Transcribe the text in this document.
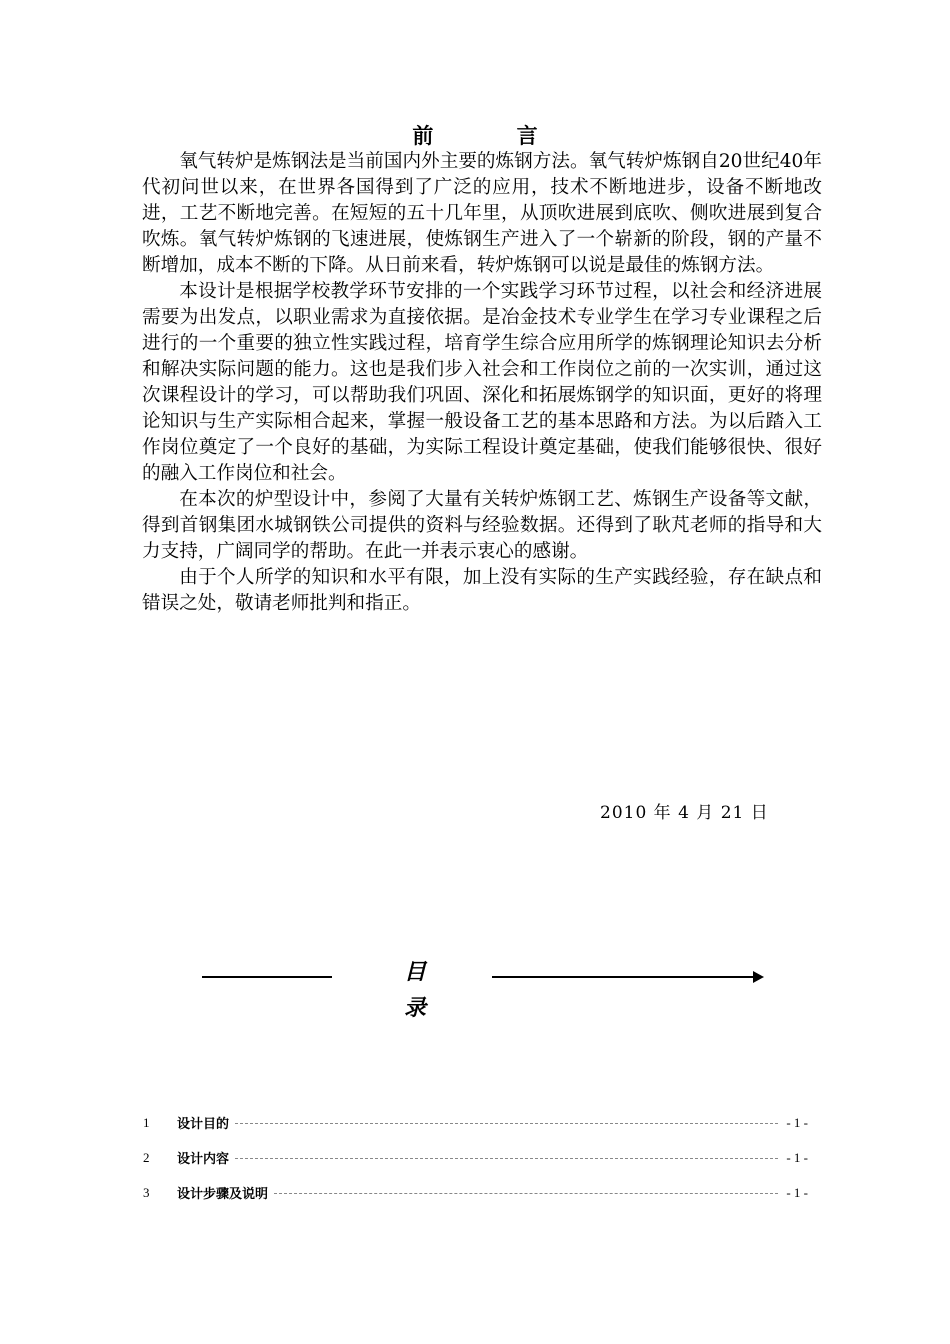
前 言

氧气转炉是炼钢法是当前国内外主要的炼钢方法。氧气转炉炼钢自20世纪40年代初问世以来，在世界各国得到了广泛的应用，技术不断地进步，设备不断地改进，工艺不断地完善。在短短的五十几年里，从顶吹进展到底吹、侧吹进展到复合吹炼。氧气转炉炼钢的飞速进展，使炼钢生产进入了一个崭新的阶段，钢的产量不断增加，成本不断的下降。从日前来看，转炉炼钢可以说是最佳的炼钢方法。

本设计是根据学校教学环节安排的一个实践学习环节过程，以社会和经济进展需要为出发点，以职业需求为直接依据。是冶金技术专业学生在学习专业课程之后进行的一个重要的独立性实践过程，培育学生综合应用所学的炼钢理论知识去分析和解决实际问题的能力。这也是我们步入社会和工作岗位之前的一次实训，通过这次课程设计的学习，可以帮助我们巩固、深化和拓展炼钢学的知识面，更好的将理论知识与生产实际相合起来，掌握一般设备工艺的基本思路和方法。为以后踏入工作岗位奠定了一个良好的基础，为实际工程设计奠定基础，使我们能够很快、很好的融入工作岗位和社会。

在本次的炉型设计中，参阅了大量有关转炉炼钢工艺、炼钢生产设备等文献，得到首钢集团水城钢铁公司提供的资料与经验数据。还得到了耿芃老师的指导和大力支持，广阔同学的帮助。在此一并表示衷心的感谢。

由于个人所学的知识和水平有限，加上没有实际的生产实践经验，存在缺点和错误之处，敬请老师批判和指正。

2010 年 4 月 21 日
目 录
1	设计目的	- 1 -
2	设计内容	- 1 -
3	设计步骤及说明	- 1 -
